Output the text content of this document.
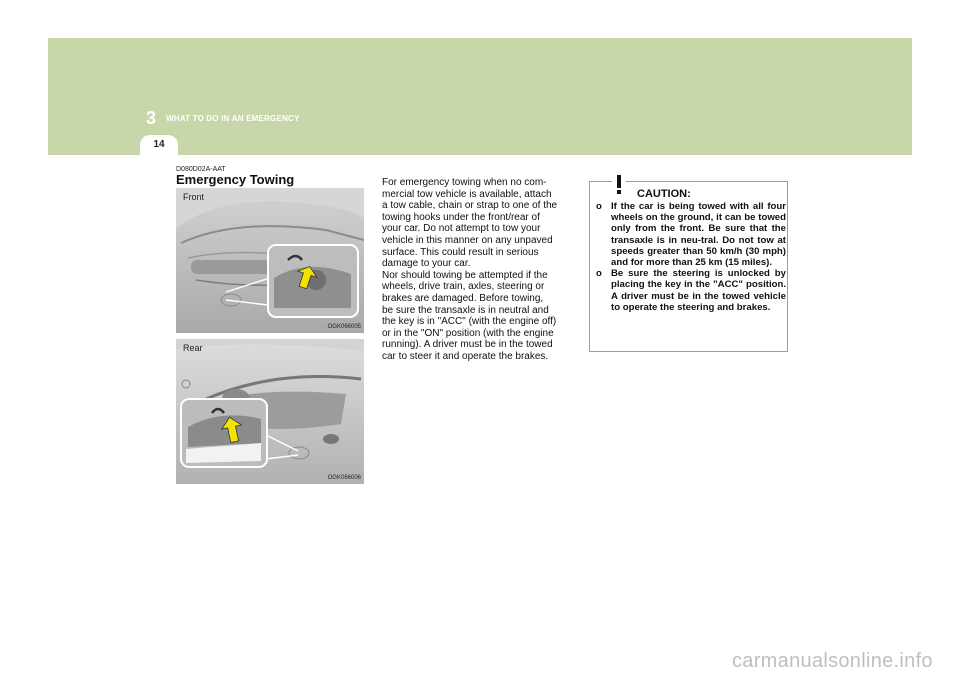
3	WHAT TO DO IN AN EMERGENCY
14
D080D02A-AAT
Emergency Towing
Front
OGK066005
Rear
OGK066006

For emergency towing when no com-
mercial tow vehicle is available, attach
a tow cable, chain or strap to one of the
towing hooks under the front/rear of
your car. Do not attempt to tow your
vehicle in this manner on any unpaved
surface. This could result in serious
damage to your car.
Nor should towing be attempted if the
wheels, drive train, axles, steering or
brakes are damaged. Before towing,
be sure the transaxle is in neutral and
the key is in "ACC" (with the engine off)
or in the "ON" position (with the engine
running). A driver must be in the towed
car to steer it and operate the brakes.

CAUTION:
o If the car is being towed with all four wheels on the ground, it can be towed only from the front. Be sure that the transaxle is in neu-tral. Do not tow at speeds greater than 50 km/h (30 mph) and for more than 25 km (15 miles).
o Be sure the steering is unlocked by placing the key in the "ACC" position. A driver must be in the towed vehicle to operate the steering and brakes.
carmanualsonline.info
